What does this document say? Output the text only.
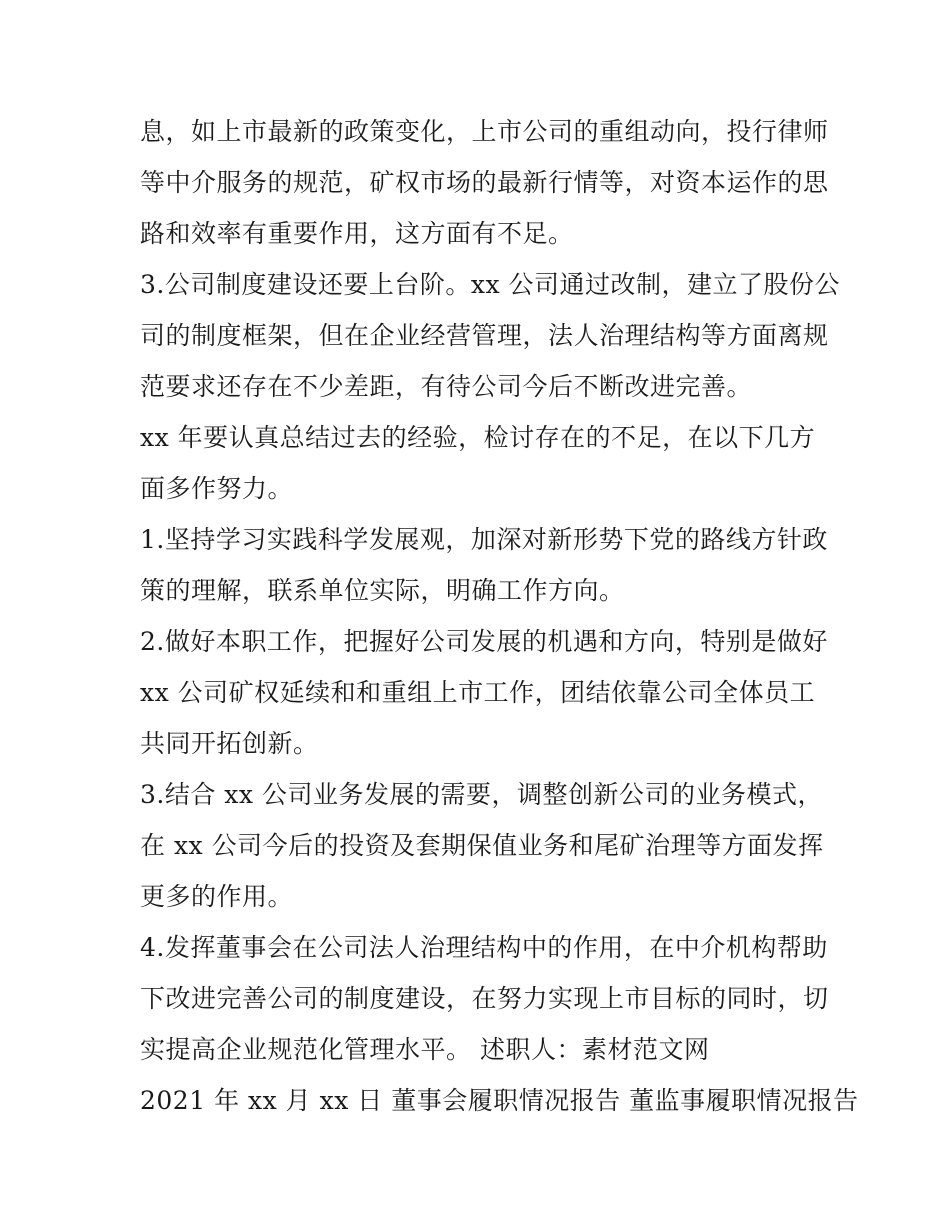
息，如上市最新的政策变化，上市公司的重组动向，投行律师
等中介服务的规范，矿权市场的最新行情等，对资本运作的思
路和效率有重要作用，这方面有不足。
3.公司制度建设还要上台阶。xx 公司通过改制，建立了股份公
司的制度框架，但在企业经营管理，法人治理结构等方面离规
范要求还存在不少差距，有待公司今后不断改进完善。
xx 年要认真总结过去的经验，检讨存在的不足，在以下几方
面多作努力。
1.坚持学习实践科学发展观，加深对新形势下党的路线方针政
策的理解，联系单位实际，明确工作方向。
2.做好本职工作，把握好公司发展的机遇和方向，特别是做好
xx 公司矿权延续和和重组上市工作，团结依靠公司全体员工
共同开拓创新。
3.结合 xx 公司业务发展的需要，调整创新公司的业务模式，
在 xx 公司今后的投资及套期保值业务和尾矿治理等方面发挥
更多的作用。
4.发挥董事会在公司法人治理结构中的作用，在中介机构帮助
下改进完善公司的制度建设，在努力实现上市目标的同时，切
实提高企业规范化管理水平。 述职人：素材范文网
2021 年 xx 月 xx 日 董事会履职情况报告 董监事履职情况报告
